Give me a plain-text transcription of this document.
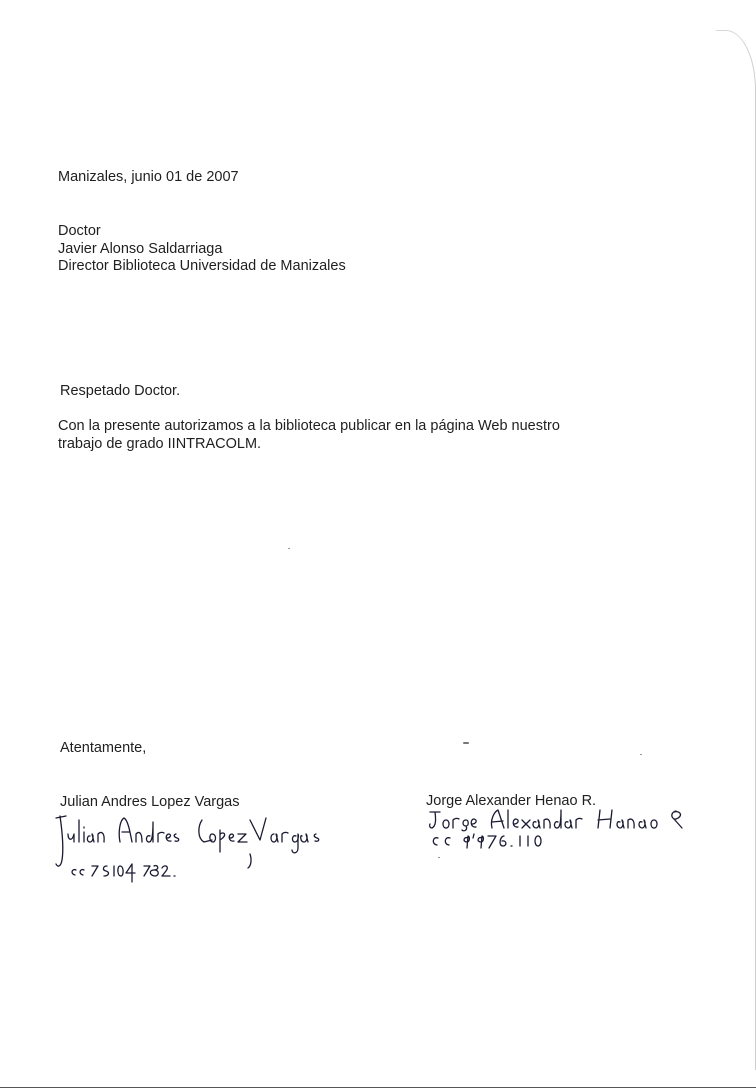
Manizales, junio 01 de 2007
Doctor
Javier Alonso Saldarriaga
Director Biblioteca Universidad de Manizales
Respetado Doctor.
Con la presente autorizamos a la biblioteca publicar en la página Web nuestro
trabajo de grado IINTRACOLM.
Atentamente,
Julian Andres Lopez Vargas	Jorge Alexander Henao R.
